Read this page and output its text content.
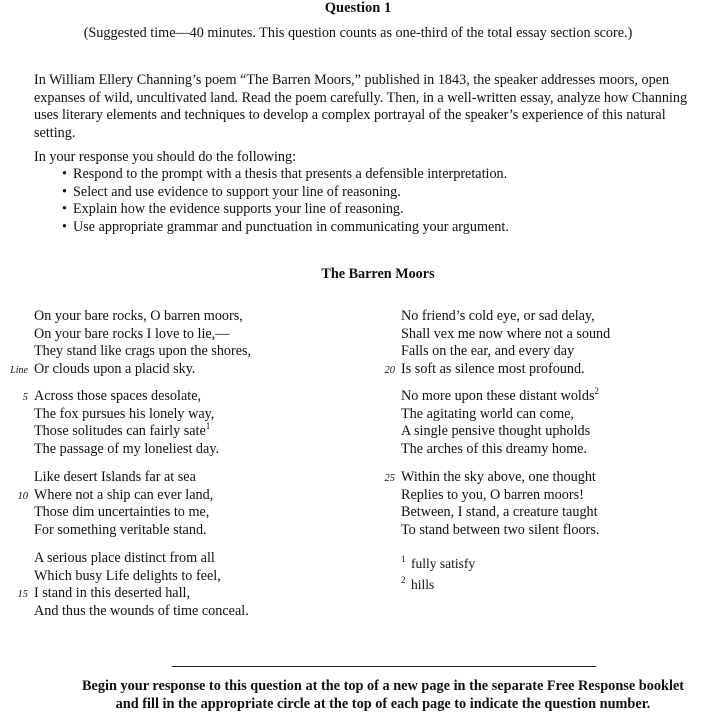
Question 1
(Suggested time—40 minutes. This question counts as one-third of the total essay section score.)

In William Ellery Channing’s poem “The Barren Moors,” published in 1843, the speaker addresses moors, open expanses of wild, uncultivated land. Read the poem carefully. Then, in a well-written essay, analyze how Channing uses literary elements and techniques to develop a complex portrayal of the speaker’s experience of this natural setting.

In your response you should do the following:
• Respond to the prompt with a thesis that presents a defensible interpretation.
• Select and use evidence to support your line of reasoning.
• Explain how the evidence supports your line of reasoning.
• Use appropriate grammar and punctuation in communicating your argument.
The Barren Moors
On your bare rocks, O barren moors,
On your bare rocks I love to lie,—
They stand like crags upon the shores,
Line Or clouds upon a placid sky.
5 Across those spaces desolate,
The fox pursues his lonely way,
Those solitudes can fairly sate$^1$
The passage of my loneliest day.
Like desert Islands far at sea
10 Where not a ship can ever land,
Those dim uncertainties to me,
For something veritable stand.
A serious place distinct from all
Which busy Life delights to feel,
15 I stand in this deserted hall,
And thus the wounds of time conceal.
No friend’s cold eye, or sad delay,
Shall vex me now where not a sound
Falls on the ear, and every day
20 Is soft as silence most profound.
No more upon these distant wolds$^2$
The agitating world can come,
A single pensive thought upholds
The arches of this dreamy home.
25 Within the sky above, one thought
Replies to you, O barren moors!
Between, I stand, a creature taught
To stand between two silent floors.
1 fully satisfy
2 hills
Begin your response to this question at the top of a new page in the separate Free Response booklet
and fill in the appropriate circle at the top of each page to indicate the question number.
